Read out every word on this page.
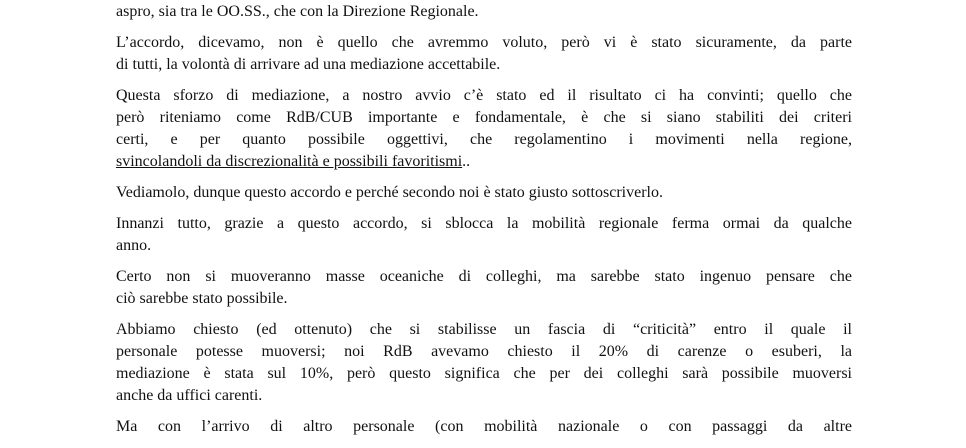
aspro, sia tra le OO.SS., che con la Direzione Regionale.

L’accordo, dicevamo, non è quello che avremmo voluto, però vi è stato sicuramente, da parte
di tutti, la volontà di arrivare ad una mediazione accettabile.

Questa sforzo di mediazione, a nostro avvio c’è stato ed il risultato ci ha convinti; quello che
però riteniamo come RdB/CUB importante e fondamentale, è che si siano stabiliti dei criteri
certi, e per quanto possibile oggettivi, che regolamentino i movimenti nella regione,
svincolandoli da discrezionalità e possibili favoritismi..

Vediamolo, dunque questo accordo e perché secondo noi è stato giusto sottoscriverlo.

Innanzi tutto, grazie a questo accordo, si sblocca la mobilità regionale ferma ormai da qualche
anno.

Certo non si muoveranno masse oceaniche di colleghi, ma sarebbe stato ingenuo pensare che
ciò sarebbe stato possibile.

Abbiamo chiesto (ed ottenuto) che si stabilisse un fascia di “criticità” entro il quale il
personale potesse muoversi; noi RdB avevamo chiesto il 20% di carenze o esuberi, la
mediazione è stata sul 10%, però questo significa che per dei colleghi sarà possibile muoversi
anche da uffici carenti.

Ma con l’arrivo di altro personale (con mobilità nazionale o con passaggi da altre
